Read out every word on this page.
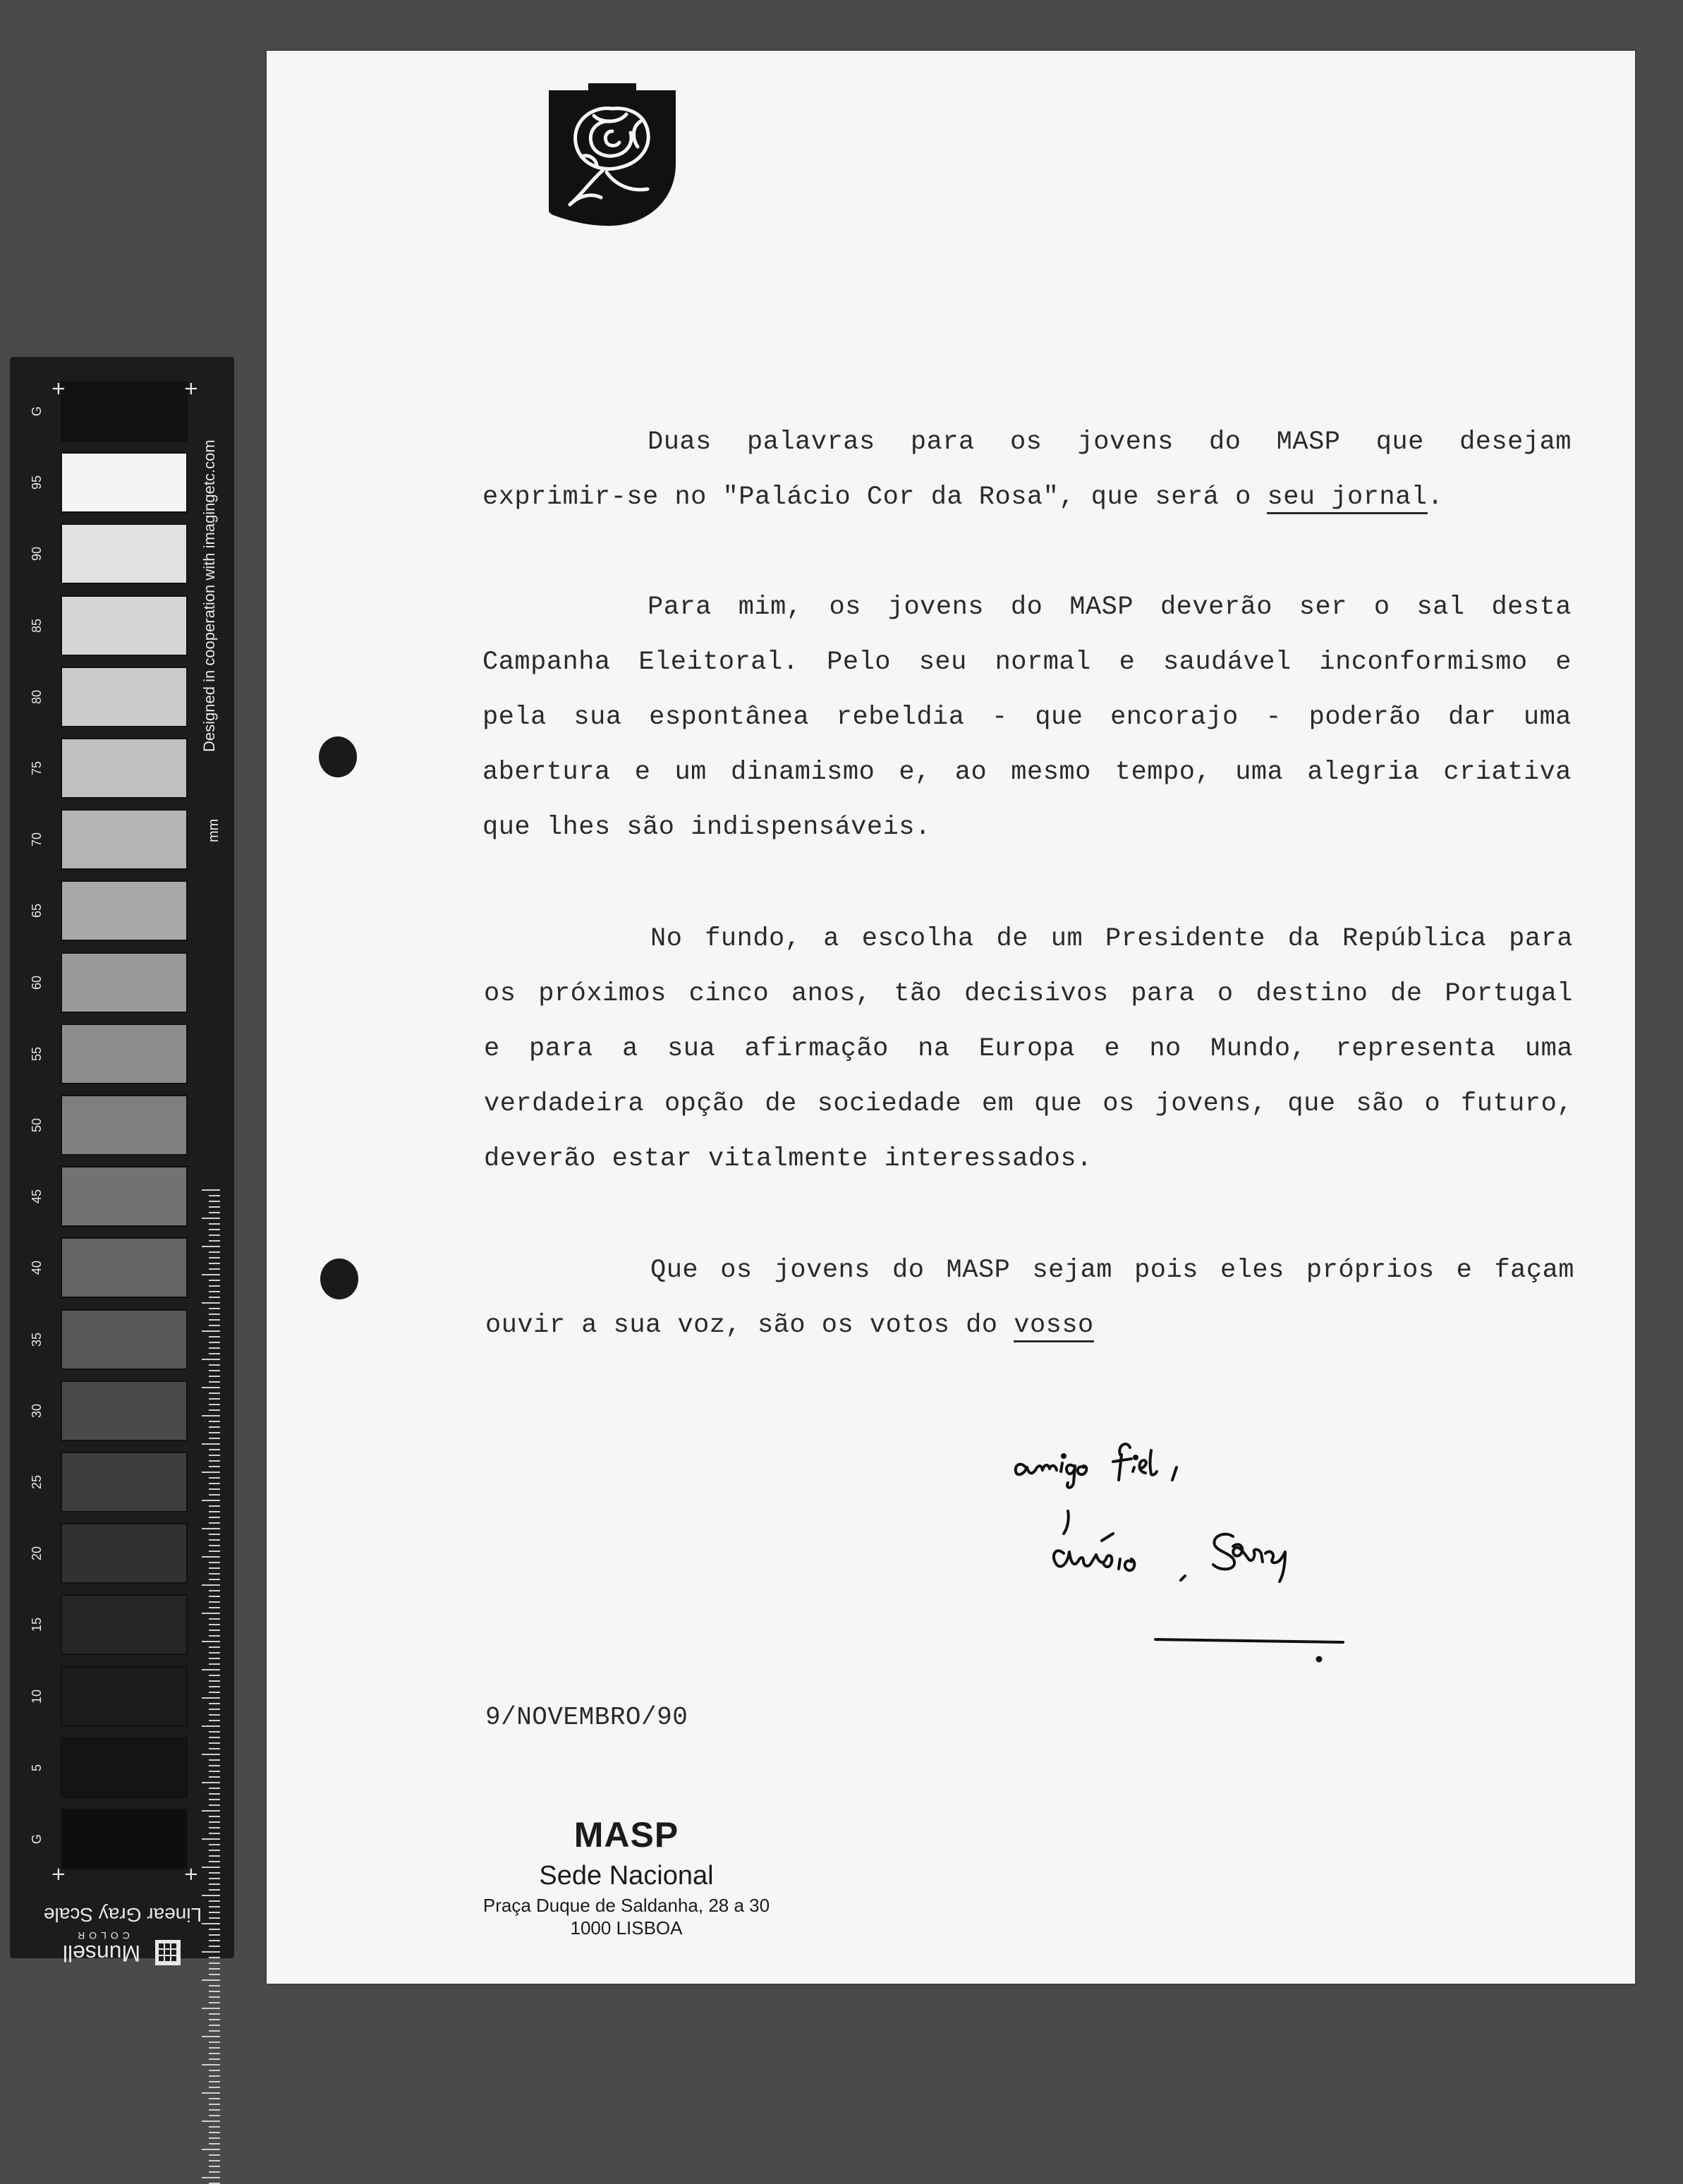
G
95
90
85
80
75
70
65
60
55
50
45
40
35
30
25
20
15
10
5
G
+	+
+	+
Designed in cooperation with imagingetc.com
mm
Linear Gray Scale
COLOR
Munsell
Duas palavras para os jovens do MASP que desejam
exprimir-se no "Palácio Cor da Rosa", que será o seu jornal.
Para mim, os jovens do MASP deverão ser o sal desta
Campanha Eleitoral. Pelo seu normal e saudável inconformismo e
pela sua espontânea rebeldia - que encorajo - poderão dar uma
abertura e um dinamismo e, ao mesmo tempo, uma alegria criativa
que lhes são indispensáveis.
No fundo, a escolha de um Presidente da República para
os próximos cinco anos, tão decisivos para o destino de Portugal
e para a sua afirmação na Europa e no Mundo, representa uma
verdadeira opção de sociedade em que os jovens, que são o futuro,
deverão estar vitalmente interessados.
Que os jovens do MASP sejam pois eles próprios e façam
ouvir a sua voz, são os votos do vosso
9/NOVEMBRO/90
MASP
Sede Nacional
Praça Duque de Saldanha, 28 a 30
1000 LISBOA
